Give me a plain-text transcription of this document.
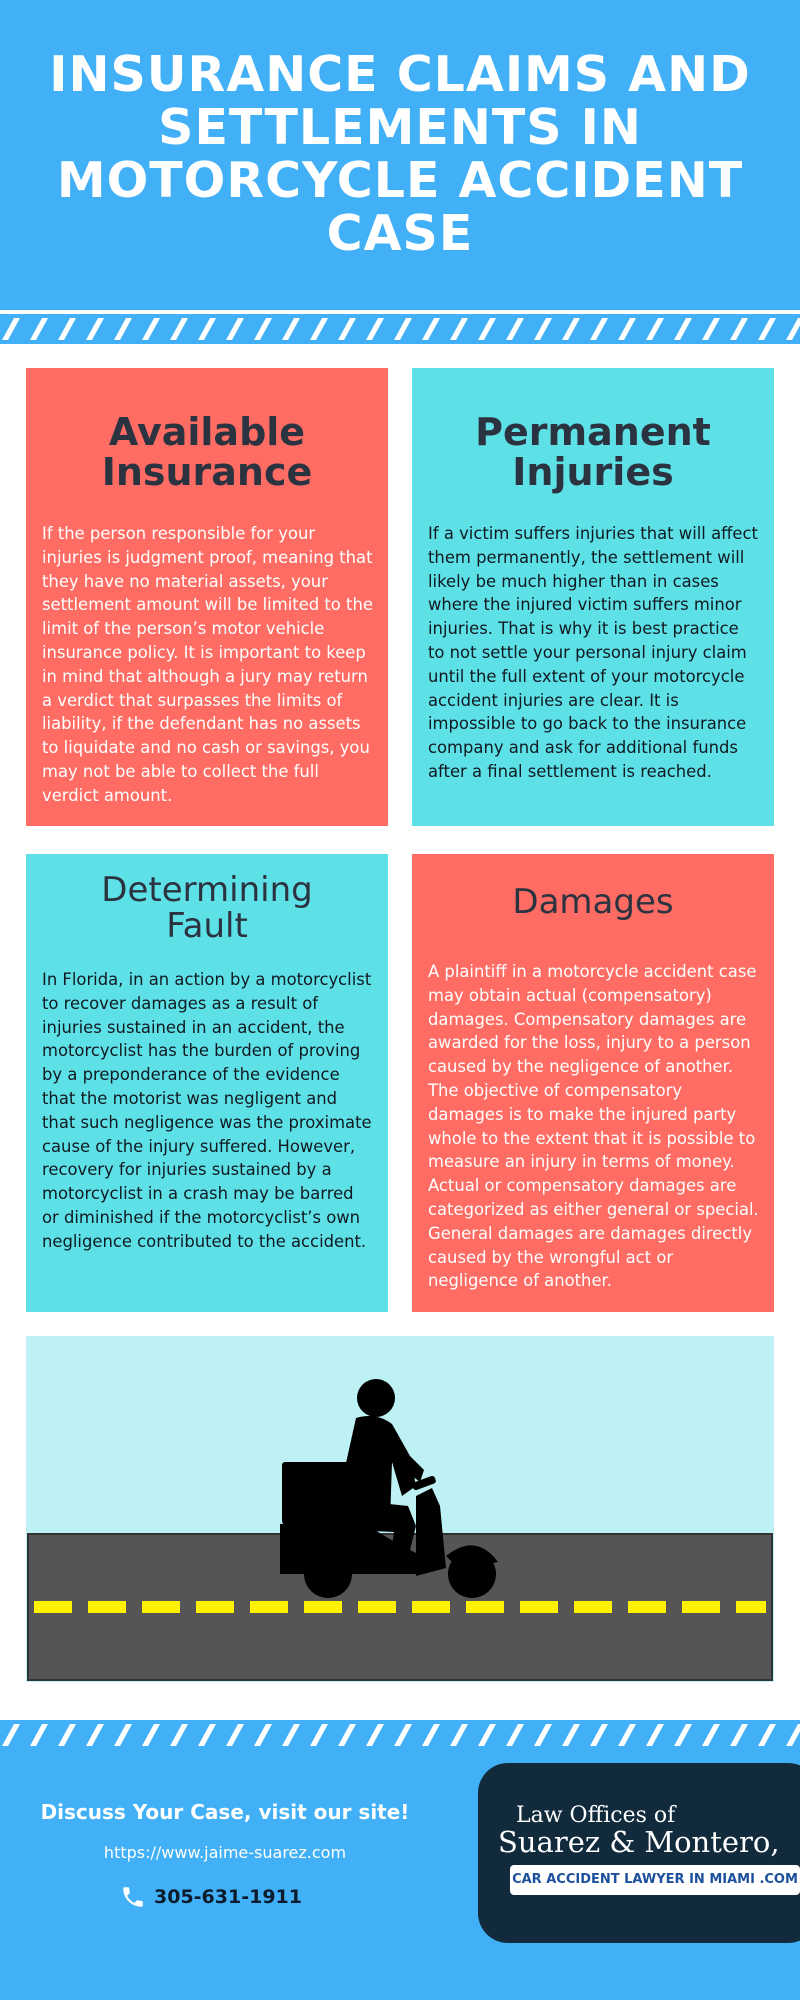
INSURANCE CLAIMS AND SETTLEMENTS IN MOTORCYCLE ACCIDENT CASE
Available Insurance

If the person responsible for your injuries is judgment proof, meaning that they have no material assets, your settlement amount will be limited to the limit of the person’s motor vehicle insurance policy. It is important to keep in mind that although a jury may return a verdict that surpasses the limits of liability, if the defendant has no assets to liquidate and no cash or savings, you may not be able to collect the full verdict amount.

Permanent Injuries

If a victim suffers injuries that will affect them permanently, the settlement will likely be much higher than in cases where the injured victim suffers minor injuries. That is why it is best practice to not settle your personal injury claim until the full extent of your motorcycle accident injuries are clear. It is impossible to go back to the insurance company and ask for additional funds after a final settlement is reached.

Determining Fault

In Florida, in an action by a motorcyclist to recover damages as a result of injuries sustained in an accident, the motorcyclist has the burden of proving by a preponderance of the evidence that the motorist was negligent and that such negligence was the proximate cause of the injury suffered. However, recovery for injuries sustained by a motorcyclist in a crash may be barred or diminished if the motorcyclist’s own negligence contributed to the accident.

Damages

A plaintiff in a motorcycle accident case may obtain actual (compensatory) damages. Compensatory damages are awarded for the loss, injury to a person caused by the negligence of another. The objective of compensatory damages is to make the injured party whole to the extent that it is possible to measure an injury in terms of money. Actual or compensatory damages are categorized as either general or special. General damages are damages directly caused by the wrongful act or negligence of another.

Discuss Your Case, visit our site!
https://www.jaime-suarez.com
305-631-1911
Law Offices of
Suarez & Montero,
CAR ACCIDENT LAWYER IN MIAMI .COM
